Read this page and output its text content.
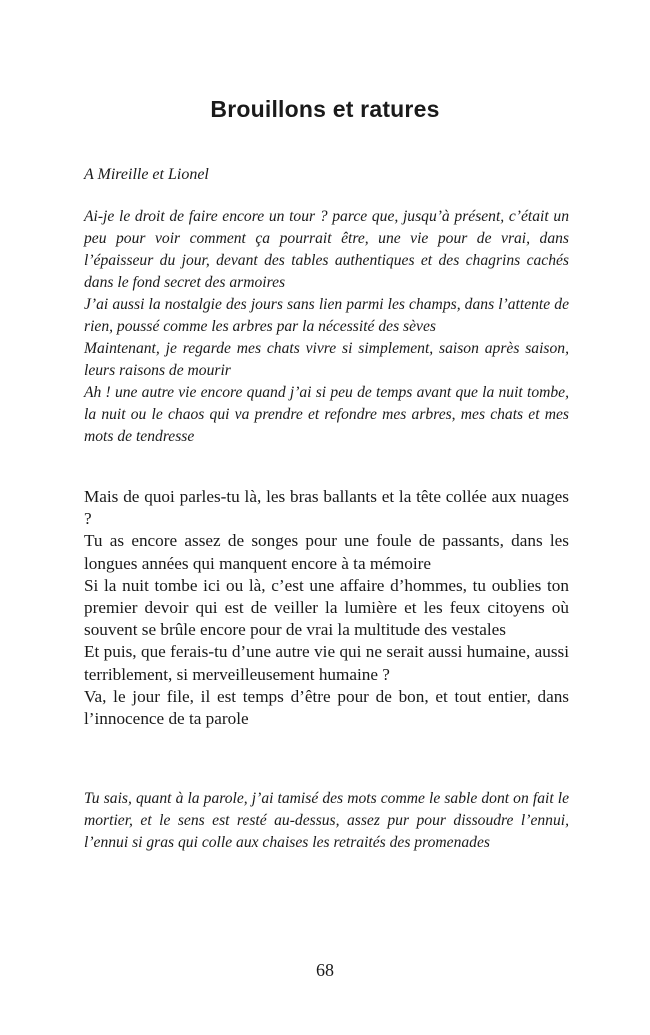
Brouillons et ratures
A Mireille et Lionel

Ai-je le droit de faire encore un tour ? parce que, jusqu’à présent, c’était un peu pour voir comment ça pourrait être, une vie pour de vrai, dans l’épaisseur du jour, devant des tables authentiques et des chagrins cachés dans le fond secret des armoires

J’ai aussi la nostalgie des jours sans lien parmi les champs, dans l’attente de rien, poussé comme les arbres par la nécessité des sèves

Maintenant, je regarde mes chats vivre si simplement, saison après saison, leurs raisons de mourir

Ah ! une autre vie encore quand j’ai si peu de temps avant que la nuit tombe, la nuit ou le chaos qui va prendre et refondre mes arbres, mes chats et mes mots de tendresse

Mais de quoi parles-tu là, les bras ballants et la tête collée aux nuages ?

Tu as encore assez de songes pour une foule de passants, dans les longues années qui manquent encore à ta mémoire

Si la nuit tombe ici ou là, c’est une affaire d’hommes, tu oublies ton premier devoir qui est de veiller la lumière et les feux citoyens où souvent se brûle encore pour de vrai la multitude des vestales

Et puis, que ferais-tu d’une autre vie qui ne serait aussi humaine, aussi terriblement, si merveilleusement humaine ?

Va, le jour file, il est temps d’être pour de bon, et tout entier, dans l’innocence de ta parole

Tu sais, quant à la parole, j’ai tamisé des mots comme le sable dont on fait le mortier, et le sens est resté au-dessus, assez pur pour dissoudre l’ennui, l’ennui si gras qui colle aux chaises les retraités des promenades

68
